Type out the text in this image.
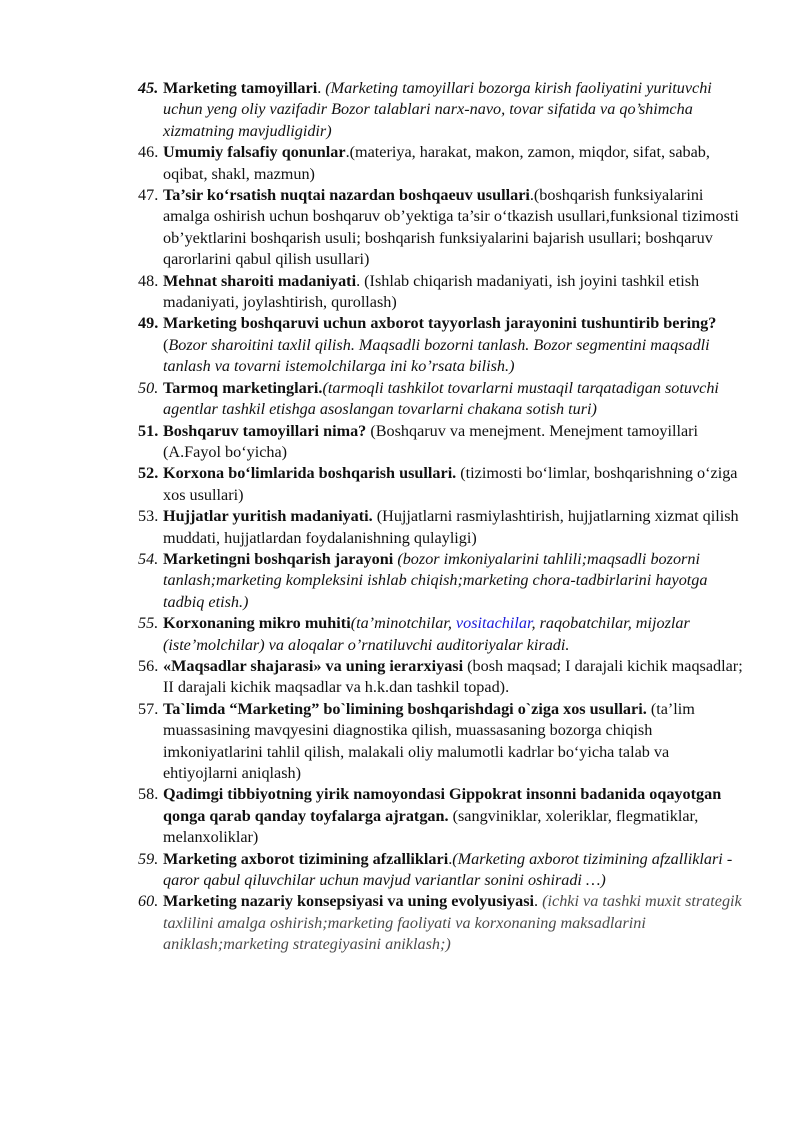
45. Marketing tamoyillari. (Marketing tamoyillari bozorga kirish faoliyatini yurituvchi uchun yeng oliy vazifadir Bozor talablari narx-navo, tovar sifatida va qo’shimcha xizmatning mavjudligidir)
46. Umumiy falsafiy qonunlar.(materiya, harakat, makon, zamon, miqdor, sifat, sabab, oqibat, shakl, mazmun)
47. Ta’sir ko‘rsatish nuqtai nazardan boshqaeuv usullari.(boshqarish funksiyalarini amalga oshirish uchun boshqaruv ob’yektiga ta’sir o‘tkazish usullari,funksional tizimosti ob’yektlarini boshqarish usuli; boshqarish funksiyalarini bajarish usullari; boshqaruv qarorlarini qabul qilish usullari)
48. Mehnat sharoiti madaniyati. (Ishlab chiqarish madaniyati, ish joyini tashkil etish madaniyati, joylashtirish, qurollash)
49. Marketing boshqaruvi uchun axborot tayyorlash jarayonini tushuntirib bering? (Bozor sharoitini taxlil qilish. Maqsadli bozorni tanlash. Bozor segmentini maqsadli tanlash va tovarni istemolchilarga ini ko’rsata bilish.)
50. Tarmoq marketinglari.(tarmoqli tashkilot tovarlarni mustaqil tarqatadigan sotuvchi agentlar tashkil etishga asoslangan tovarlarni chakana sotish turi)
51. Boshqaruv tamoyillari nima? (Boshqaruv va menejment. Menejment tamoyillari (A.Fayol bo‘yicha)
52. Korxona bo‘limlarida boshqarish usullari. (tizimosti bo‘limlar, boshqarishning o‘ziga xos usullari)
53. Hujjatlar yuritish madaniyati. (Hujjatlarni rasmiylashtirish, hujjatlarning xizmat qilish muddati, hujjatlardan foydalanishning qulayligi)
54. Marketingni boshqarish jarayoni (bozor imkoniyalarini tahlili;maqsadli bozorni tanlash;marketing kompleksini ishlab chiqish;marketing chora-tadbirlarini hayotga tadbiq etish.)
55. Korxonaning mikro muhiti(ta’minotchilar, vositachilar, raqobatchilar, mijozlar (iste’molchilar) va aloqalar o’rnatiluvchi auditoriyalar kiradi.
56. «Maqsadlar shajarasi» va uning ierarxiyasi (bosh maqsad; I darajali kichik maqsadlar; II darajali kichik maqsadlar va h.k.dan tashkil topad).
57. Ta`limda “Marketing” bo`limining boshqarishdagi o`ziga xos usullari. (ta’lim muassasining mavqyesini diagnostika qilish, muassasaning bozorga chiqish imkoniyatlarini tahlil qilish, malakali oliy malumotli kadrlar bo‘yicha talab va ehtiyojlarni aniqlash)
58. Qadimgi tibbiyotning yirik namoyondasi Gippokrat insonni badanida oqayotgan qonga qarab qanday toyfalarga ajratgan. (sangviniklar, xoleriklar, flegmatiklar, melanxoliklar)
59. Marketing axborot tizimining afzalliklari.(Marketing axborot tizimining afzalliklari -qaror qabul qiluvchilar uchun mavjud variantlar sonini oshiradi …)
60. Marketing nazariy konsepsiyasi va uning evolyusiyasi. (ichki va tashki muxit strategik taxlilini amalga oshirish;marketing faoliyati va korxonaning maksadlarini aniklash;marketing strategiyasini aniklash;)
